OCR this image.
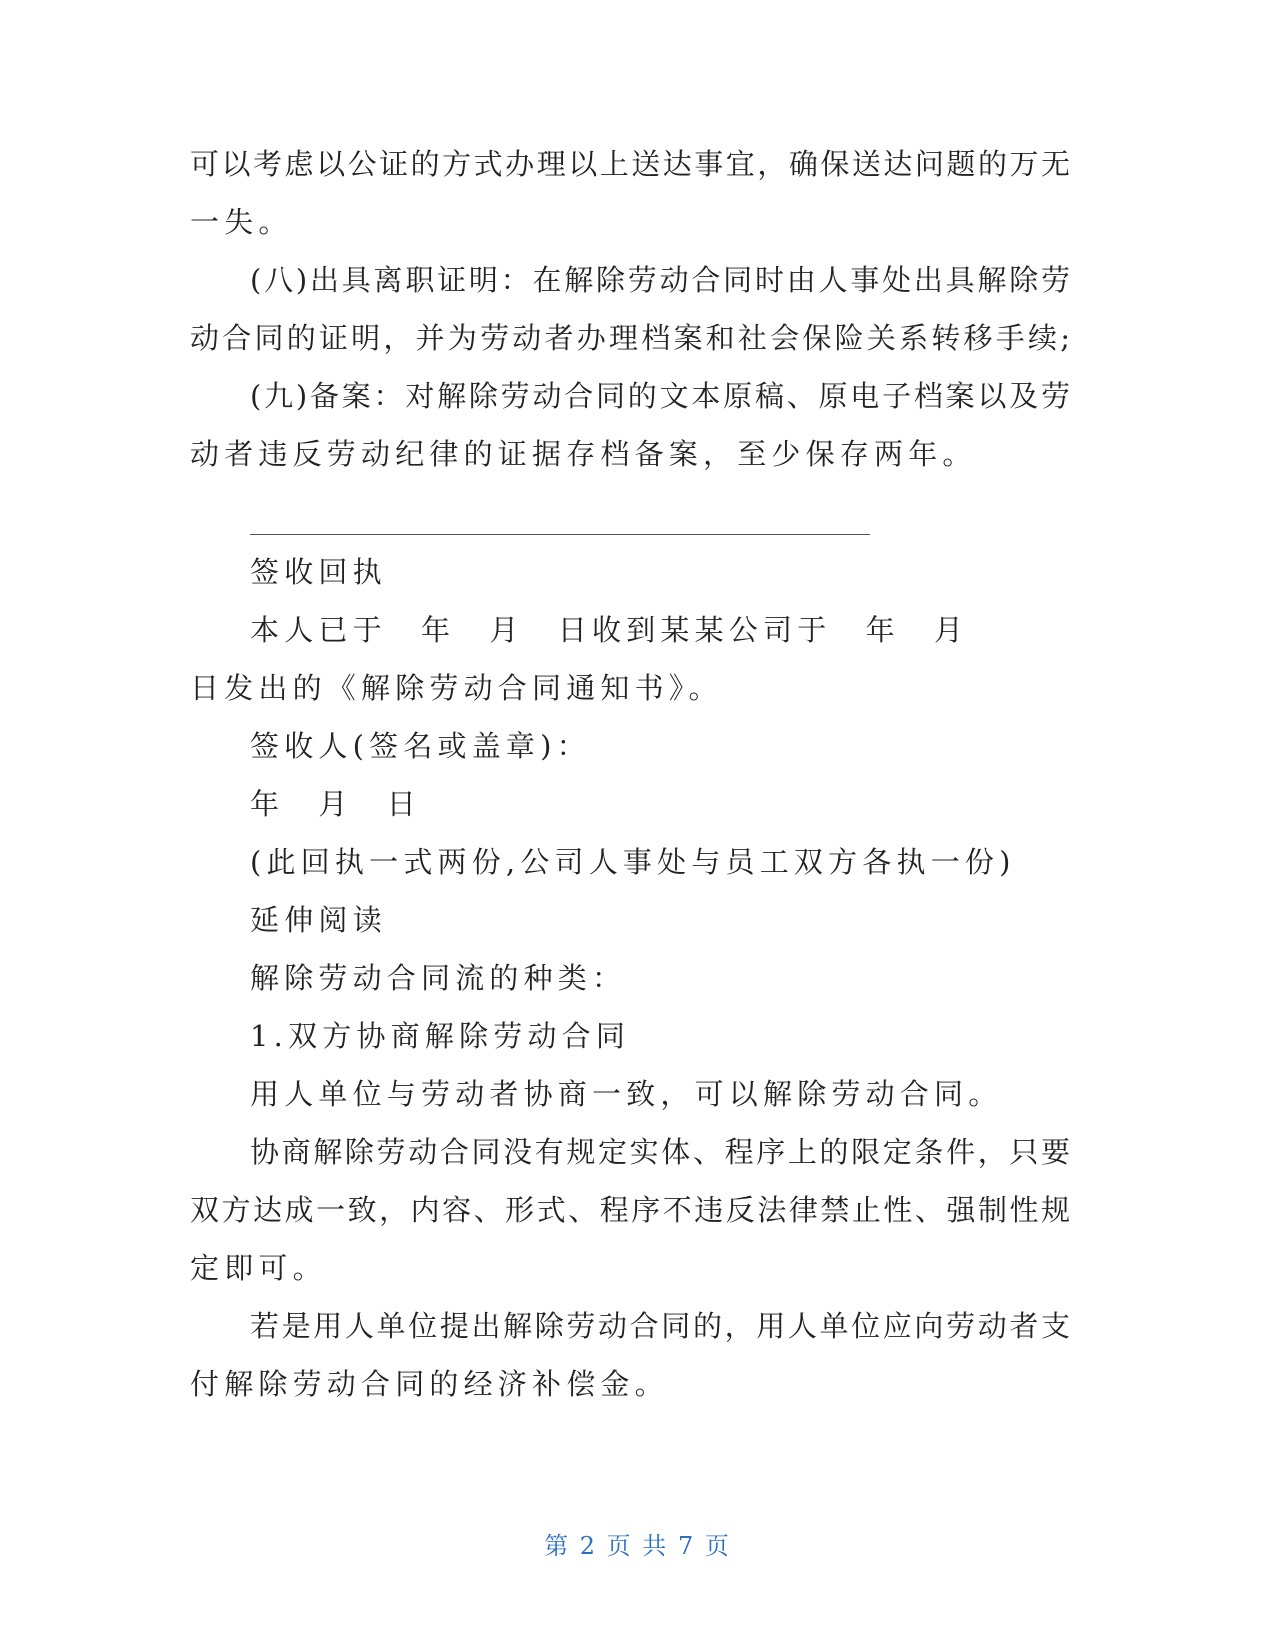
可以考虑以公证的方式办理以上送达事宜，确保送达问题的万无
一失。
(八)出具离职证明：在解除劳动合同时由人事处出具解除劳
动合同的证明，并为劳动者办理档案和社会保险关系转移手续;
(九)备案：对解除劳动合同的文本原稿、原电子档案以及劳
动者违反劳动纪律的证据存档备案，至少保存两年。
签收回执
本人已于　年　月　日收到某某公司于　年　月
日发出的《解除劳动合同通知书》。
签收人(签名或盖章)：
年　月　日
(此回执一式两份,公司人事处与员工双方各执一份)
延伸阅读
解除劳动合同流的种类：
1.双方协商解除劳动合同
用人单位与劳动者协商一致，可以解除劳动合同。
协商解除劳动合同没有规定实体、程序上的限定条件，只要
双方达成一致，内容、形式、程序不违反法律禁止性、强制性规
定即可。
若是用人单位提出解除劳动合同的，用人单位应向劳动者支
付解除劳动合同的经济补偿金。
第 2 页 共 7 页
